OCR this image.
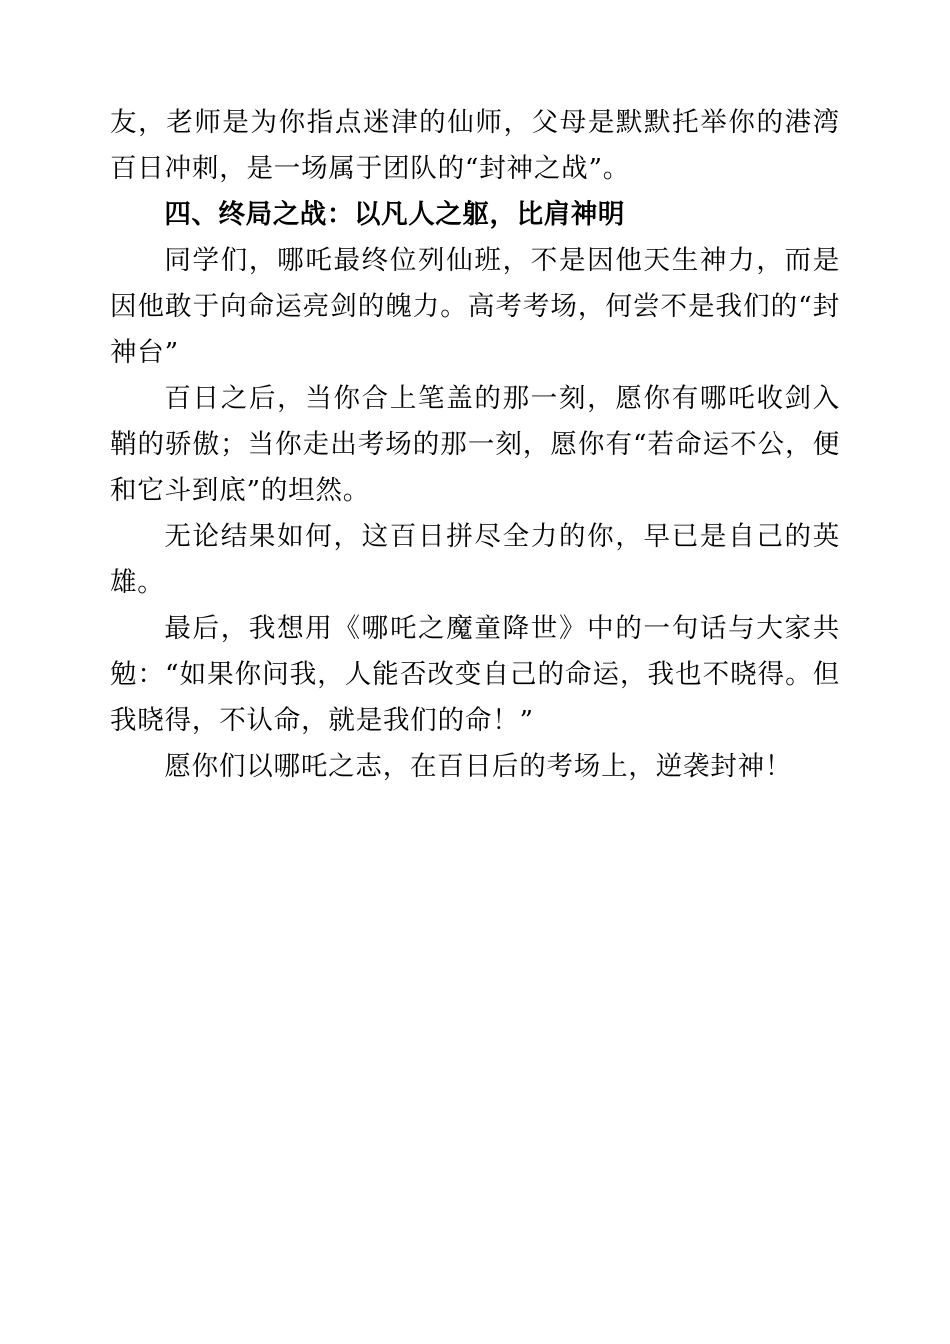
友，老师是为你指点迷津的仙师，父母是默默托举你的港湾百日冲刺，是一场属于团队的“封神之战”。

四、终局之战：以凡人之躯，比肩神明

同学们，哪吒最终位列仙班，不是因他天生神力，而是因他敢于向命运亮剑的魄力。高考考场，何尝不是我们的“封神台”

百日之后，当你合上笔盖的那一刻，愿你有哪吒收剑入鞘的骄傲；当你走出考场的那一刻，愿你有“若命运不公，便和它斗到底”的坦然。

无论结果如何，这百日拼尽全力的你，早已是自己的英雄。

最后，我想用《哪吒之魔童降世》中的一句话与大家共勉：“如果你问我，人能否改变自己的命运，我也不晓得。但我晓得，不认命，就是我们的命！”

愿你们以哪吒之志，在百日后的考场上，逆袭封神！
